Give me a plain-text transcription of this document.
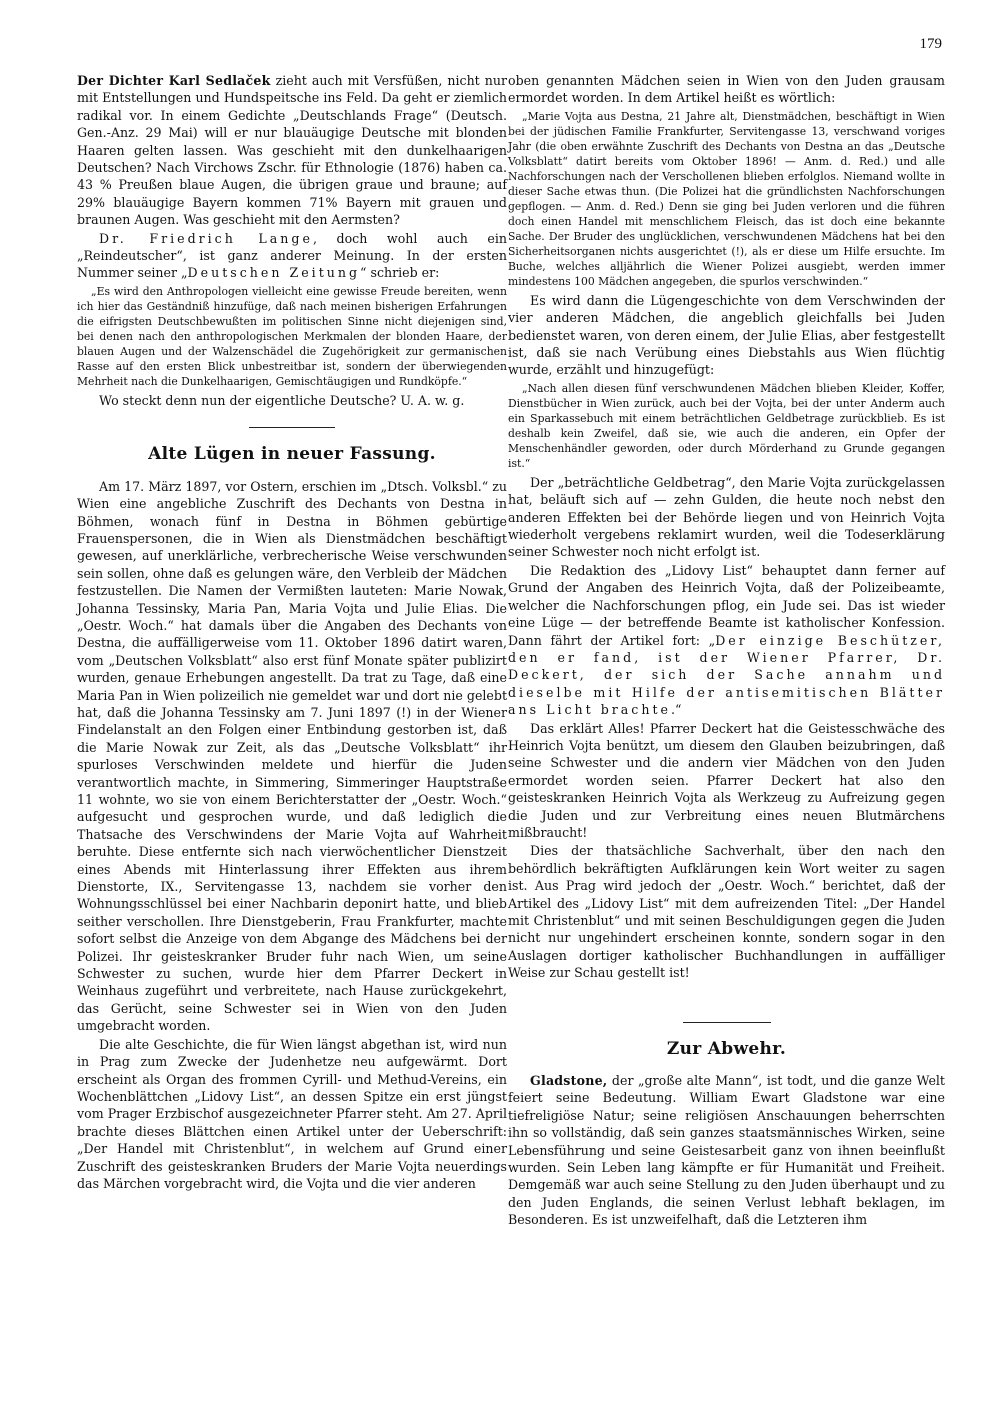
179

Der Dichter Karl Sedlaček zieht auch mit Versfüßen, nicht nur mit Entstellungen und Hundspeitsche ins Feld. Da geht er ziemlich radikal vor. In einem Gedichte „Deutschlands Frage“ (Deutsch. Gen.-Anz. 29 Mai) will er nur blauäugige Deutsche mit blonden Haaren gelten lassen. Was geschieht mit den dunkelhaarigen Deutschen? Nach Virchows Zschr. für Ethnologie (1876) haben ca. 43 % Preußen blaue Augen, die übrigen graue und braune; auf 29% blauäugige Bayern kommen 71% Bayern mit grauen und braunen Augen. Was geschieht mit den Aermsten?

Dr. Friedrich Lange, doch wohl auch ein „Reindeutscher“, ist ganz anderer Meinung. In der ersten Nummer seiner „Deutschen Zeitung“ schrieb er:

„Es wird den Anthropologen vielleicht eine gewisse Freude bereiten, wenn ich hier das Geständniß hinzufüge, daß nach meinen bisherigen Erfahrungen die eifrigsten Deutschbewußten im politischen Sinne nicht diejenigen sind, bei denen nach den anthropologischen Merkmalen der blonden Haare, der blauen Augen und der Walzenschädel die Zugehörigkeit zur germanischen Rasse auf den ersten Blick unbestreitbar ist, sondern der überwiegenden Mehrheit nach die Dunkelhaarigen, Gemischtäugigen und Rundköpfe.“

Wo steckt denn nun der eigentliche Deutsche? U. A. w. g.

Alte Lügen in neuer Fassung.

Am 17. März 1897, vor Ostern, erschien im „Dtsch. Volksbl.“ zu Wien eine angebliche Zuschrift des Dechants von Destna in Böhmen, wonach fünf in Destna in Böhmen gebürtige Frauenspersonen, die in Wien als Dienstmädchen beschäftigt gewesen, auf unerklärliche, verbrecherische Weise verschwunden sein sollen, ohne daß es gelungen wäre, den Verbleib der Mädchen festzustellen. Die Namen der Vermißten lauteten: Marie Nowak, Johanna Tessinsky, Maria Pan, Maria Vojta und Julie Elias. Die „Oestr. Woch.“ hat damals über die Angaben des Dechants von Destna, die auffälligerweise vom 11. Oktober 1896 datirt waren, vom „Deutschen Volksblatt“ also erst fünf Monate später publizirt wurden, genaue Erhebungen angestellt. Da trat zu Tage, daß eine Maria Pan in Wien polizeilich nie gemeldet war und dort nie gelebt hat, daß die Johanna Tessinsky am 7. Juni 1897 (!) in der Wiener Findelanstalt an den Folgen einer Entbindung gestorben ist, daß die Marie Nowak zur Zeit, als das „Deutsche Volksblatt“ ihr spurloses Verschwinden meldete und hierfür die Juden verantwortlich machte, in Simmering, Simmeringer Hauptstraße 11 wohnte, wo sie von einem Berichterstatter der „Oestr. Woch.“ aufgesucht und gesprochen wurde, und daß lediglich die Thatsache des Verschwindens der Marie Vojta auf Wahrheit beruhte. Diese entfernte sich nach vierwöchentlicher Dienstzeit eines Abends mit Hinterlassung ihrer Effekten aus ihrem Dienstorte, IX., Servitengasse 13, nachdem sie vorher den Wohnungsschlüssel bei einer Nachbarin deponirt hatte, und blieb seither verschollen. Ihre Dienstgeberin, Frau Frankfurter, machte sofort selbst die Anzeige von dem Abgange des Mädchens bei der Polizei. Ihr geisteskranker Bruder fuhr nach Wien, um seine Schwester zu suchen, wurde hier dem Pfarrer Deckert in Weinhaus zugeführt und verbreitete, nach Hause zurückgekehrt, das Gerücht, seine Schwester sei in Wien von den Juden umgebracht worden.

Die alte Geschichte, die für Wien längst abgethan ist, wird nun in Prag zum Zwecke der Judenhetze neu aufgewärmt. Dort erscheint als Organ des frommen Cyrill- und Methud-Vereins, ein Wochenblättchen „Lidovy List“, an dessen Spitze ein erst jüngst vom Prager Erzbischof ausgezeichneter Pfarrer steht. Am 27. April brachte dieses Blättchen einen Artikel unter der Ueberschrift: „Der Handel mit Christenblut“, in welchem auf Grund einer Zuschrift des geisteskranken Bruders der Marie Vojta neuerdings das Märchen vorgebracht wird, die Vojta und die vier anderen

oben genannten Mädchen seien in Wien von den Juden grausam ermordet worden. In dem Artikel heißt es wörtlich:

„Marie Vojta aus Destna, 21 Jahre alt, Dienstmädchen, beschäftigt in Wien bei der jüdischen Familie Frankfurter, Servitengasse 13, verschwand voriges Jahr (die oben erwähnte Zuschrift des Dechants von Destna an das „Deutsche Volksblatt“ datirt bereits vom Oktober 1896! — Anm. d. Red.) und alle Nachforschungen nach der Verschollenen blieben erfolglos. Niemand wollte in dieser Sache etwas thun. (Die Polizei hat die gründlichsten Nachforschungen gepflogen. — Anm. d. Red.) Denn sie ging bei Juden verloren und die führen doch einen Handel mit menschlichem Fleisch, das ist doch eine bekannte Sache. Der Bruder des unglücklichen, verschwundenen Mädchens hat bei den Sicherheitsorganen nichts ausgerichtet (!), als er diese um Hilfe ersuchte. Im Buche, welches alljährlich die Wiener Polizei ausgiebt, werden immer mindestens 100 Mädchen angegeben, die spurlos verschwinden.“

Es wird dann die Lügengeschichte von dem Verschwinden der vier anderen Mädchen, die angeblich gleichfalls bei Juden bedienstet waren, von deren einem, der Julie Elias, aber festgestellt ist, daß sie nach Verübung eines Diebstahls aus Wien flüchtig wurde, erzählt und hinzugefügt:

„Nach allen diesen fünf verschwundenen Mädchen blieben Kleider, Koffer, Dienstbücher in Wien zurück, auch bei der Vojta, bei der unter Anderm auch ein Sparkassebuch mit einem beträchtlichen Geldbetrage zurückblieb. Es ist deshalb kein Zweifel, daß sie, wie auch die anderen, ein Opfer der Menschenhändler geworden, oder durch Mörderhand zu Grunde gegangen ist.“

Der „beträchtliche Geldbetrag“, den Marie Vojta zurückgelassen hat, beläuft sich auf — zehn Gulden, die heute noch nebst den anderen Effekten bei der Behörde liegen und von Heinrich Vojta wiederholt vergebens reklamirt wurden, weil die Todeserklärung seiner Schwester noch nicht erfolgt ist.

Die Redaktion des „Lidovy List“ behauptet dann ferner auf Grund der Angaben des Heinrich Vojta, daß der Polizeibeamte, welcher die Nachforschungen pflog, ein Jude sei. Das ist wieder eine Lüge — der betreffende Beamte ist katholischer Konfession. Dann fährt der Artikel fort: „Der einzige Beschützer, den er fand, ist der Wiener Pfarrer, Dr. Deckert, der sich der Sache annahm und dieselbe mit Hilfe der antisemitischen Blätter ans Licht brachte.“

Das erklärt Alles! Pfarrer Deckert hat die Geistesschwäche des Heinrich Vojta benützt, um diesem den Glauben beizubringen, daß seine Schwester und die andern vier Mädchen von den Juden ermordet worden seien. Pfarrer Deckert hat also den geisteskranken Heinrich Vojta als Werkzeug zu Aufreizung gegen die Juden und zur Verbreitung eines neuen Blutmärchens mißbraucht!

Dies der thatsächliche Sachverhalt, über den nach den behördlich bekräftigten Aufklärungen kein Wort weiter zu sagen ist. Aus Prag wird jedoch der „Oestr. Woch.“ berichtet, daß der Artikel des „Lidovy List“ mit dem aufreizenden Titel: „Der Handel mit Christenblut“ und mit seinen Beschuldigungen gegen die Juden nicht nur ungehindert erscheinen konnte, sondern sogar in den Auslagen dortiger katholischer Buchhandlungen in auffälliger Weise zur Schau gestellt ist!

Zur Abwehr.

Gladstone, der „große alte Mann“, ist todt, und die ganze Welt feiert seine Bedeutung. William Ewart Gladstone war eine tiefreligiöse Natur; seine religiösen Anschauungen beherrschten ihn so vollständig, daß sein ganzes staatsmännisches Wirken, seine Lebensführung und seine Geistesarbeit ganz von ihnen beeinflußt wurden. Sein Leben lang kämpfte er für Humanität und Freiheit. Demgemäß war auch seine Stellung zu den Juden überhaupt und zu den Juden Englands, die seinen Verlust lebhaft beklagen, im Besonderen. Es ist unzweifelhaft, daß die Letzteren ihm
